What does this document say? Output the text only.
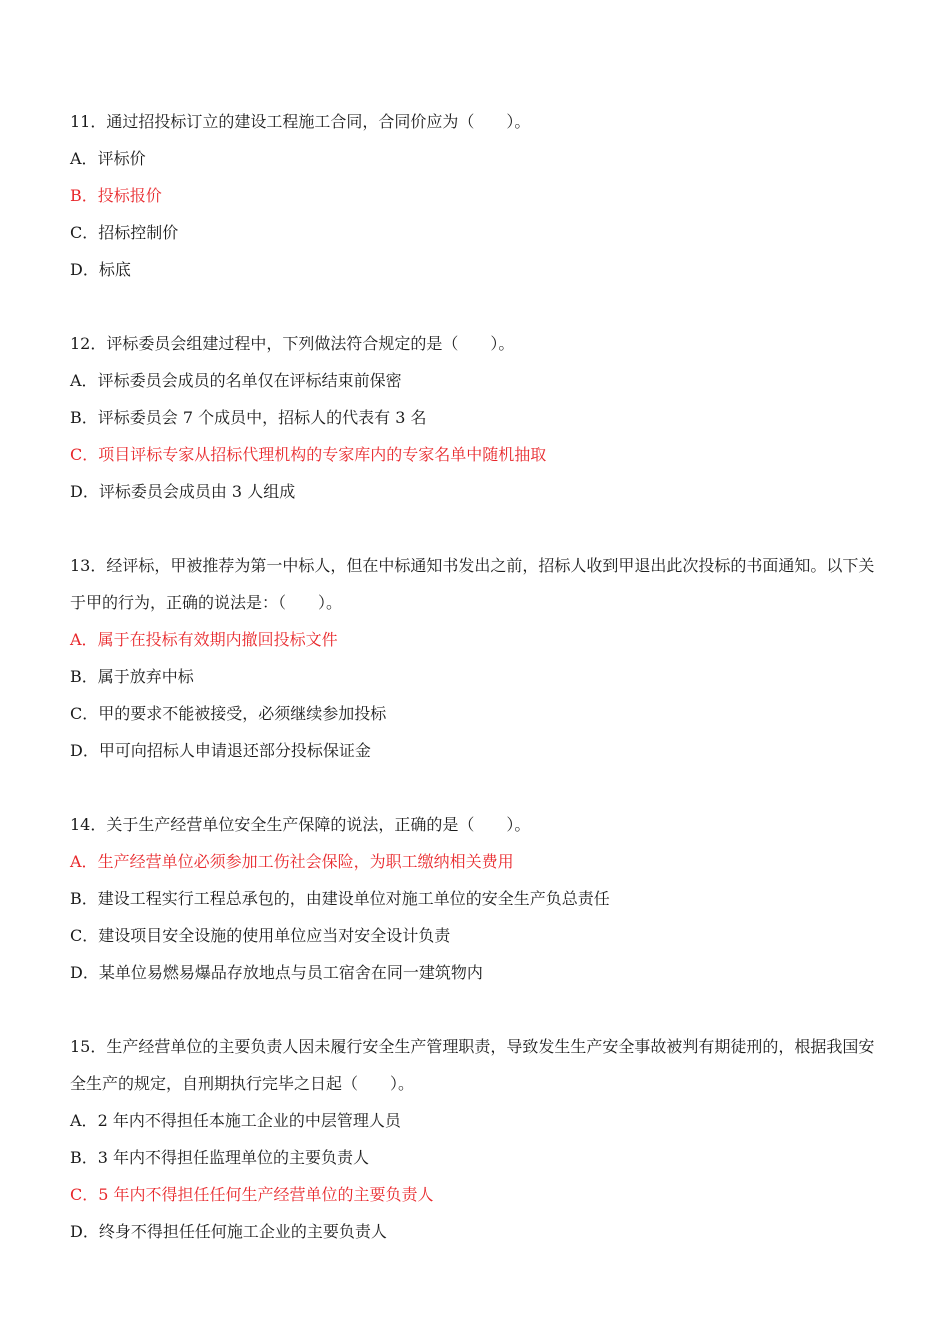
11．通过招投标订立的建设工程施工合同，合同价应为（　　）。
A．评标价
B．投标报价
C．招标控制价
D．标底
12．评标委员会组建过程中，下列做法符合规定的是（　　）。
A．评标委员会成员的名单仅在评标结束前保密
B．评标委员会 7 个成员中，招标人的代表有 3 名
C．项目评标专家从招标代理机构的专家库内的专家名单中随机抽取
D．评标委员会成员由 3 人组成
13．经评标，甲被推荐为第一中标人，但在中标通知书发出之前，招标人收到甲退出此次投标的书面通知。以下关于甲的行为，正确的说法是：（　　）。
A．属于在投标有效期内撤回投标文件
B．属于放弃中标
C．甲的要求不能被接受，必须继续参加投标
D．甲可向招标人申请退还部分投标保证金
14．关于生产经营单位安全生产保障的说法，正确的是（　　）。
A．生产经营单位必须参加工伤社会保险，为职工缴纳相关费用
B．建设工程实行工程总承包的，由建设单位对施工单位的安全生产负总责任
C．建设项目安全设施的使用单位应当对安全设计负责
D．某单位易燃易爆品存放地点与员工宿舍在同一建筑物内
15．生产经营单位的主要负责人因未履行安全生产管理职责，导致发生生产安全事故被判有期徒刑的，根据我国安全生产的规定，自刑期执行完毕之日起（　　）。
A．2 年内不得担任本施工企业的中层管理人员
B．3 年内不得担任监理单位的主要负责人
C．5 年内不得担任任何生产经营单位的主要负责人
D．终身不得担任任何施工企业的主要负责人
